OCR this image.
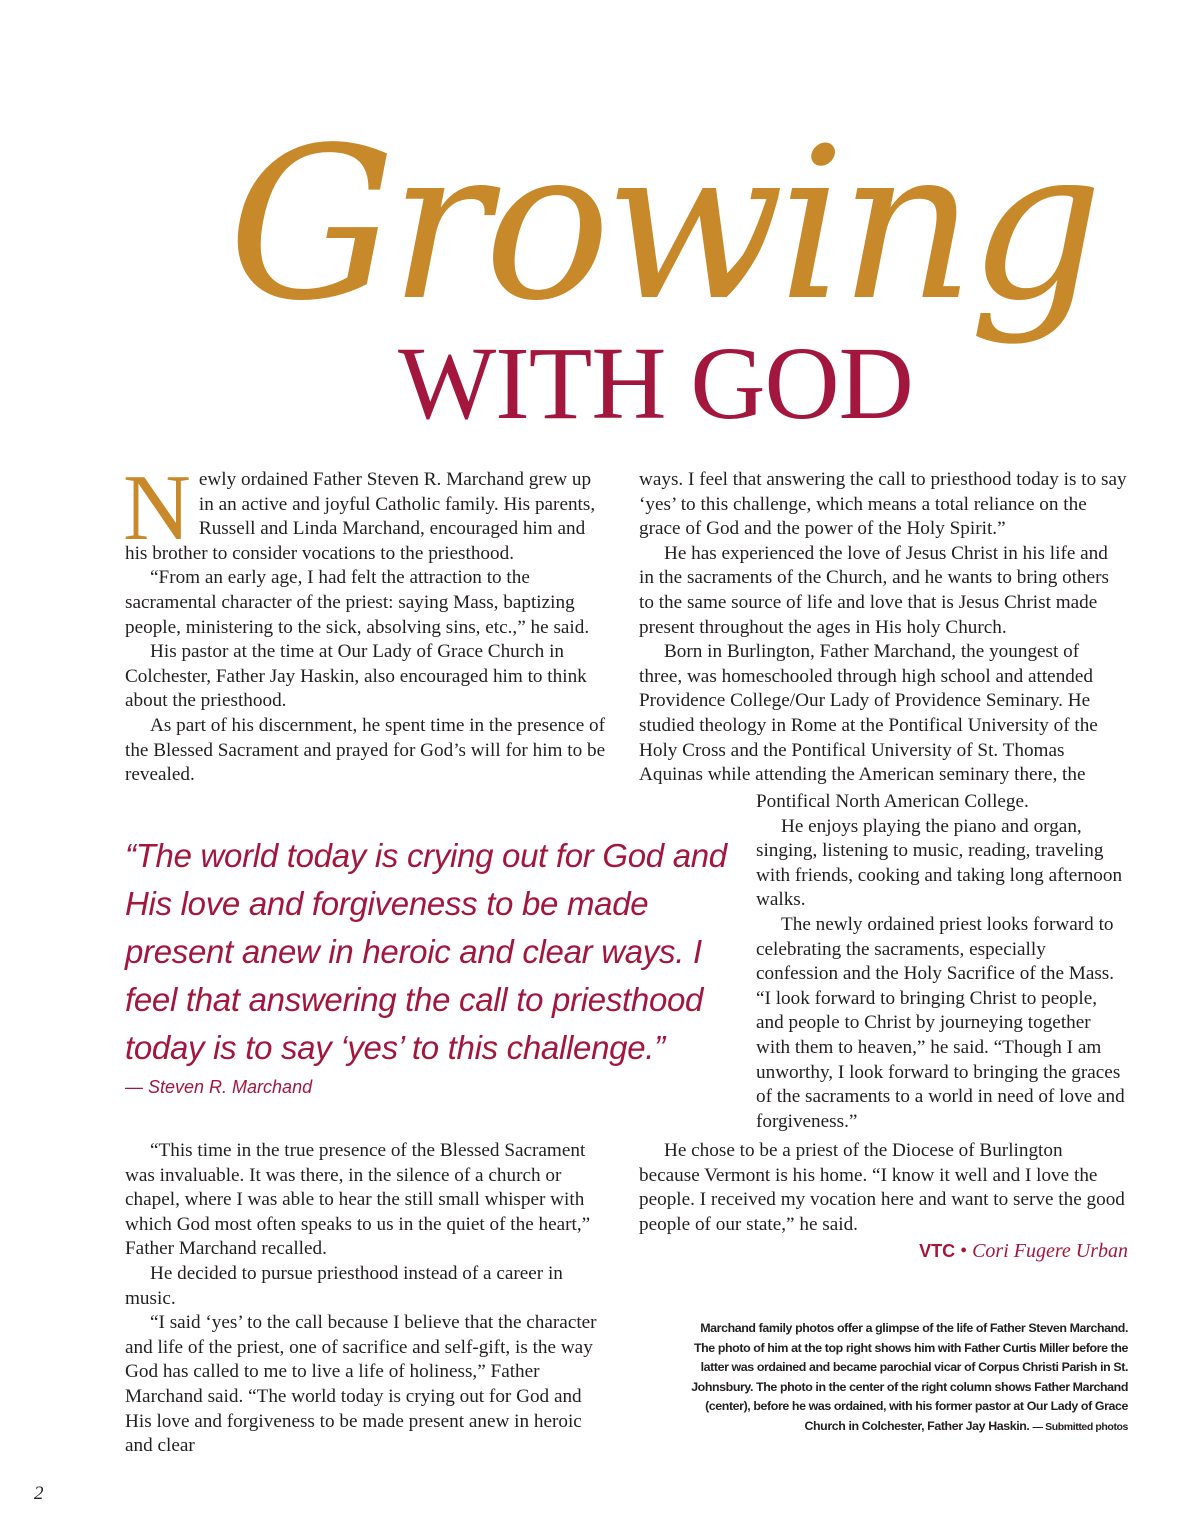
Growing
WITH GOD

Newly ordained Father Steven R. Marchand grew up in an active and joyful Catholic family. His parents, Russell and Linda Marchand, encouraged him and his brother to consider vocations to the priesthood.

“From an early age, I had felt the attraction to the sacramental character of the priest: saying Mass, baptizing people, ministering to the sick, absolving sins, etc.,” he said.

His pastor at the time at Our Lady of Grace Church in Colchester, Father Jay Haskin, also encouraged him to think about the priesthood.

As part of his discernment, he spent time in the presence of the Blessed Sacrament and prayed for God’s will for him to be revealed.

“The world today is crying out for God and His love and forgiveness to be made present anew in heroic and clear ways. I feel that answering the call to priesthood today is to say ‘yes’ to this challenge.”
— Steven R. Marchand

“This time in the true presence of the Blessed Sacrament was invaluable. It was there, in the silence of a church or chapel, where I was able to hear the still small whisper with which God most often speaks to us in the quiet of the heart,” Father Marchand recalled.

He decided to pursue priesthood instead of a career in music.

“I said ‘yes’ to the call because I believe that the character and life of the priest, one of sacrifice and self-gift, is the way God has called to me to live a life of holiness,” Father Marchand said. “The world today is crying out for God and His love and forgiveness to be made present anew in heroic and clear

ways. I feel that answering the call to priesthood today is to say ‘yes’ to this challenge, which means a total reliance on the grace of God and the power of the Holy Spirit.”

He has experienced the love of Jesus Christ in his life and in the sacraments of the Church, and he wants to bring others to the same source of life and love that is Jesus Christ made present throughout the ages in His holy Church.

Born in Burlington, Father Marchand, the youngest of three, was homeschooled through high school and attended Providence College/Our Lady of Providence Seminary. He studied theology in Rome at the Pontifical University of the Holy Cross and the Pontifical University of St. Thomas Aquinas while attending the American seminary there, the

Pontifical North American College.

He enjoys playing the piano and organ, singing, listening to music, reading, traveling with friends, cooking and taking long afternoon walks.

The newly ordained priest looks forward to celebrating the sacraments, especially confession and the Holy Sacrifice of the Mass. “I look forward to bringing Christ to people, and people to Christ by journeying together with them to heaven,” he said. “Though I am unworthy, I look forward to bringing the graces of the sacraments to a world in need of love and forgiveness.”

He chose to be a priest of the Diocese of Burlington because Vermont is his home. “I know it well and I love the people. I received my vocation here and want to serve the good people of our state,” he said.

VTC • Cori Fugere Urban
Marchand family photos offer a glimpse of the life of Father Steven Marchand. The photo of him at the top right shows him with Father Curtis Miller before the latter was ordained and became parochial vicar of Corpus Christi Parish in St. Johnsbury. The photo in the center of the right column shows Father Marchand (center), before he was ordained, with his former pastor at Our Lady of Grace Church in Colchester, Father Jay Haskin. — Submitted photos
2
